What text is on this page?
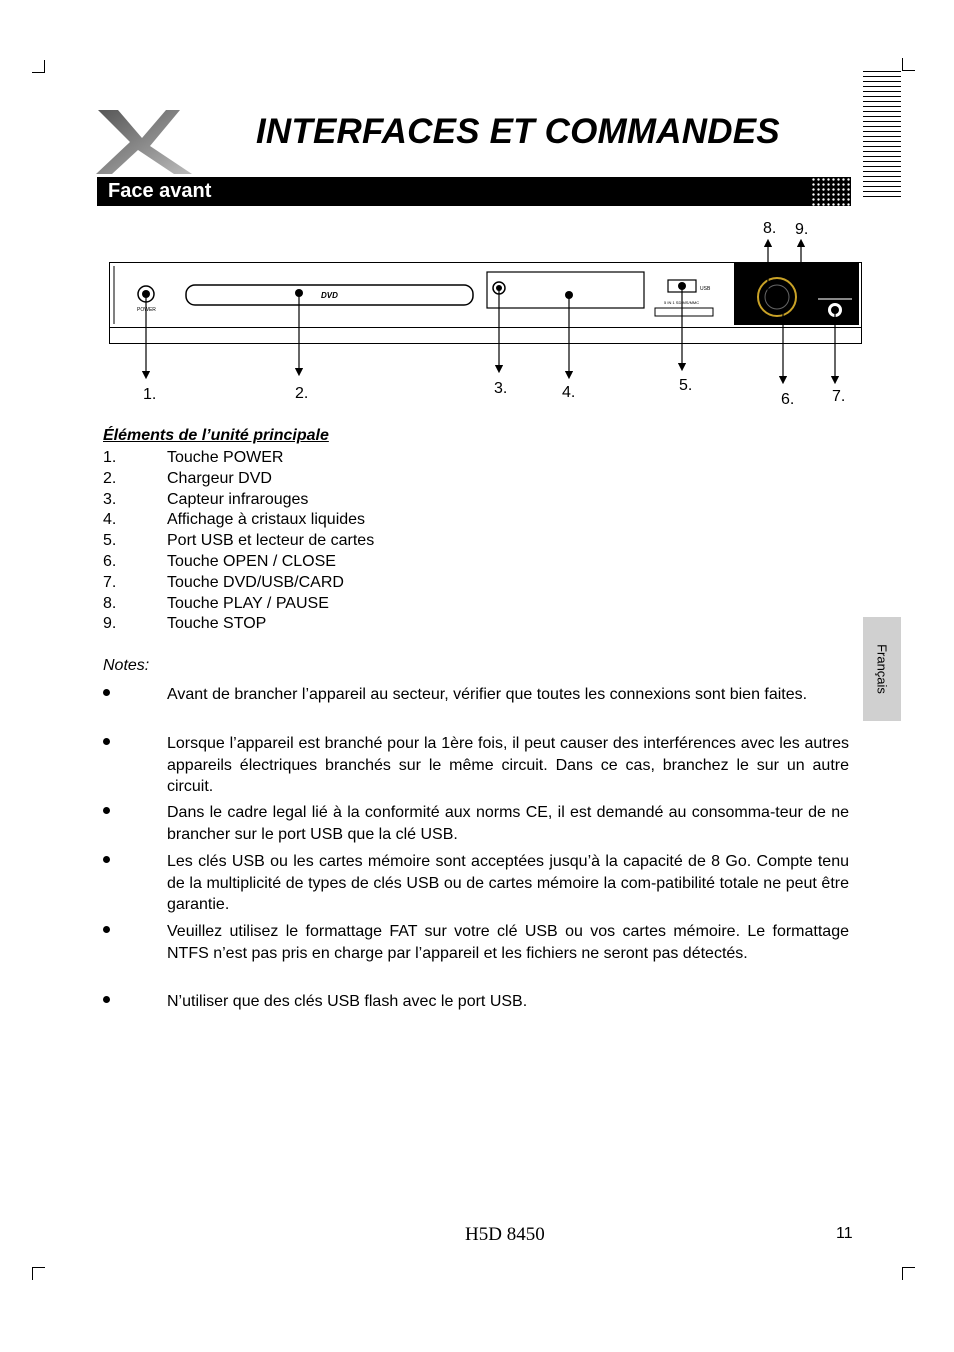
INTERFACES ET COMMANDES
Face avant
POWER
DVD
USB
5 IN 1 SD/MS/MMC
1.	2.	3.	4.	5.
6. 7.
8. 9.
Éléments de l’unité principale
1.	Touche POWER
2.	Chargeur DVD
3.	Capteur infrarouges
4.	Affichage à cristaux liquides
5.	Port USB et lecteur de cartes
6.	Touche OPEN / CLOSE
7.	Touche DVD/USB/CARD
8.	Touche PLAY / PAUSE
9.	Touche STOP
Notes:
Avant de brancher l’appareil au secteur, vérifier que toutes les connexions sont bien faites.
Lorsque l’appareil est branché pour la 1ère fois, il peut causer des interférences avec les autres appareils électriques branchés sur le même circuit. Dans ce cas, branchez le sur un autre circuit.
Dans le cadre legal lié à la conformité aux norms CE, il est demandé au consomma-teur de ne brancher sur le port USB que la clé USB.
Les clés USB ou les cartes mémoire sont acceptées jusqu’à la capacité de 8 Go. Compte tenu de la multiplicité de types de clés USB ou de cartes mémoire la com-patibilité totale ne peut être garantie.
Veuillez utilisez le formattage FAT sur votre clé USB ou vos cartes mémoire. Le formattage NTFS n’est pas pris en charge par l’appareil et les fichiers ne seront pas détectés.
N’utiliser que des clés USB flash avec le port USB.
Français
H5D 8450	11
